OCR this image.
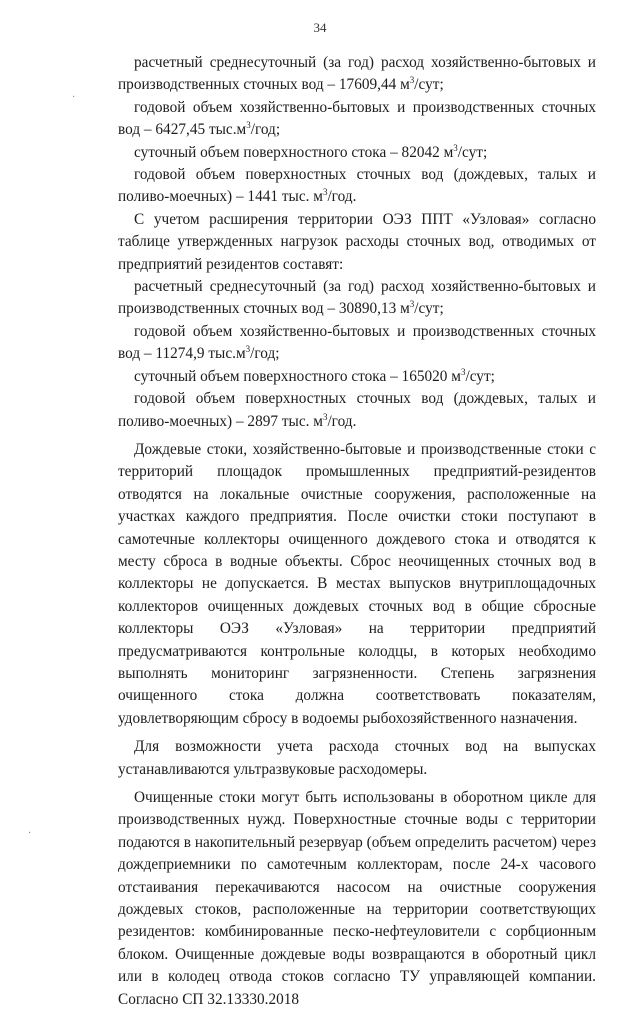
34

расчетный среднесуточный (за год) расход хозяйственно-бытовых и производственных сточных вод – 17609,44 $м^3$/сут;

годовой объем хозяйственно-бытовых и производственных сточных вод – 6427,45 $тыс.м^3$/год;

суточный объем поверхностного стока – 82042 $м^3$/сут;

годовой объем поверхностных сточных вод (дождевых, талых и поливо-моечных) – 1441 тыс. $м^3$/год.

С учетом расширения территории ОЭЗ ППТ «Узловая» согласно таблице утвержденных нагрузок расходы сточных вод, отводимых от предприятий резидентов составят:

расчетный среднесуточный (за год) расход хозяйственно-бытовых и производственных сточных вод – 30890,13 $м^3$/сут;

годовой объем хозяйственно-бытовых и производственных сточных вод – 11274,9 $тыс.м^3$/год;

суточный объем поверхностного стока – 165020 $м^3$/сут;

годовой объем поверхностных сточных вод (дождевых, талых и поливо-моечных) – 2897 тыс. $м^3$/год.

Дождевые стоки, хозяйственно-бытовые и производственные стоки с территорий площадок промышленных предприятий-резидентов отводятся на локальные очистные сооружения, расположенные на участках каждого предприятия. После очистки стоки поступают в самотечные коллекторы очищенного дождевого стока и отводятся к месту сброса в водные объекты. Сброс неочищенных сточных вод в коллекторы не допускается. В местах выпусков внутриплощадочных коллекторов очищенных дождевых сточных вод в общие сбросные коллекторы ОЭЗ «Узловая» на территории предприятий предусматриваются контрольные колодцы, в которых необходимо выполнять мониторинг загрязненности. Степень загрязнения очищенного стока должна соответствовать показателям, удовлетворяющим сбросу в водоемы рыбохозяйственного назначения.

Для возможности учета расхода сточных вод на выпусках устанавливаются ультразвуковые расходомеры.

Очищенные стоки могут быть использованы в оборотном цикле для производственных нужд. Поверхностные сточные воды с территории подаются в накопительный резервуар (объем определить расчетом) через дождеприемники по самотечным коллекторам, после 24-х часового отстаивания перекачиваются насосом на очистные сооружения дождевых стоков, расположенные на территории соответствующих резидентов: комбинированные песко-нефтеуловители с сорбционным блоком. Очищенные дождевые воды возвращаются в оборотный цикл или в колодец отвода стоков согласно ТУ управляющей компании. Согласно СП 32.13330.2018

·
·
